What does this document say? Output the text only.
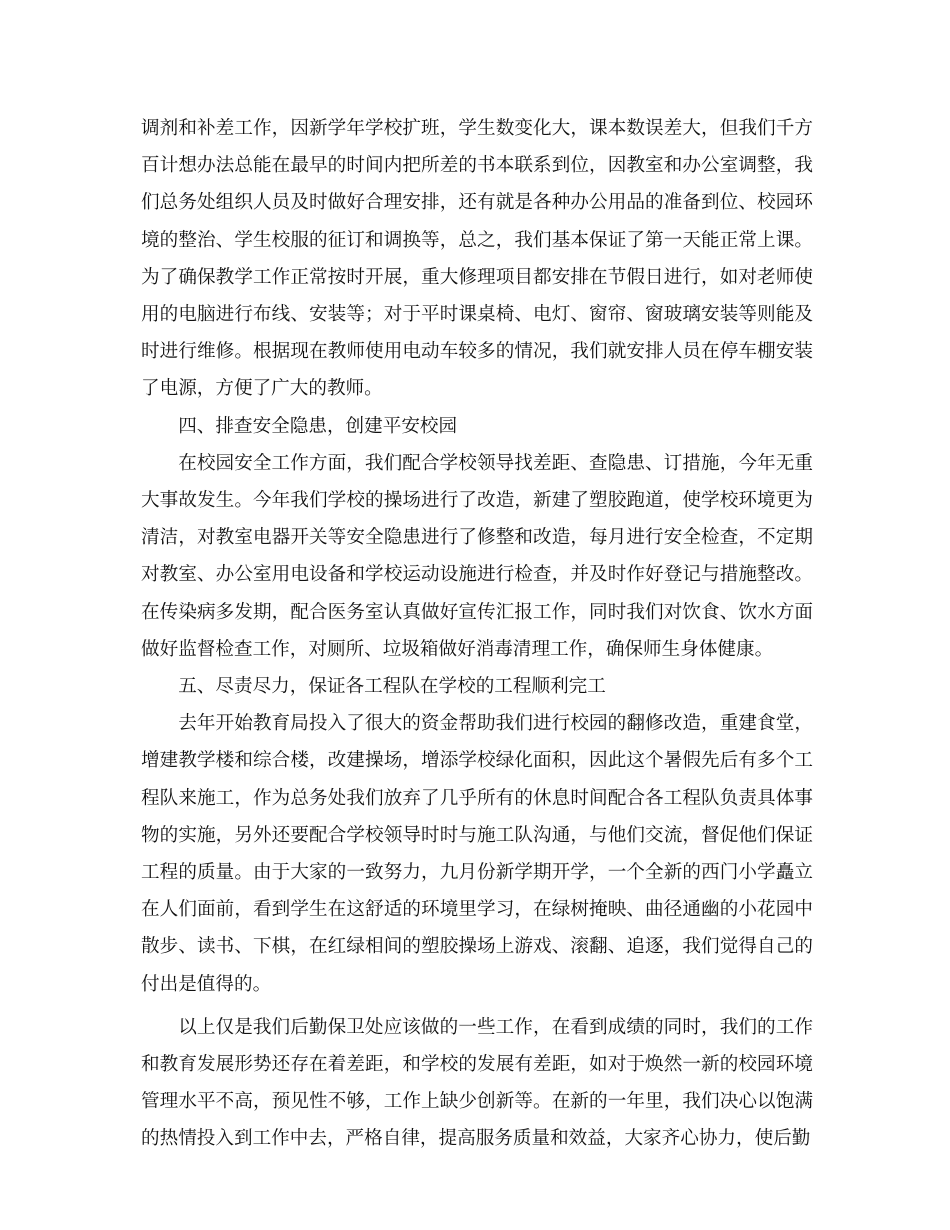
调剂和补差工作，因新学年学校扩班，学生数变化大，课本数误差大，但我们千方百计想办法总能在最早的时间内把所差的书本联系到位，因教室和办公室调整，我们总务处组织人员及时做好合理安排，还有就是各种办公用品的准备到位、校园环境的整治、学生校服的征订和调换等，总之，我们基本保证了第一天能正常上课。为了确保教学工作正常按时开展，重大修理项目都安排在节假日进行，如对老师使用的电脑进行布线、安装等；对于平时课桌椅、电灯、窗帘、窗玻璃安装等则能及时进行维修。根据现在教师使用电动车较多的情况，我们就安排人员在停车棚安装了电源，方便了广大的教师。

四、排查安全隐患，创建平安校园

在校园安全工作方面，我们配合学校领导找差距、查隐患、订措施，今年无重大事故发生。今年我们学校的操场进行了改造，新建了塑胶跑道，使学校环境更为清洁，对教室电器开关等安全隐患进行了修整和改造，每月进行安全检查，不定期对教室、办公室用电设备和学校运动设施进行检查，并及时作好登记与措施整改。在传染病多发期，配合医务室认真做好宣传汇报工作，同时我们对饮食、饮水方面做好监督检查工作，对厕所、垃圾箱做好消毒清理工作，确保师生身体健康。

五、尽责尽力，保证各工程队在学校的工程顺利完工

去年开始教育局投入了很大的资金帮助我们进行校园的翻修改造，重建食堂，增建教学楼和综合楼，改建操场，增添学校绿化面积，因此这个暑假先后有多个工程队来施工，作为总务处我们放弃了几乎所有的休息时间配合各工程队负责具体事物的实施，另外还要配合学校领导时时与施工队沟通，与他们交流，督促他们保证工程的质量。由于大家的一致努力，九月份新学期开学，一个全新的西门小学矗立在人们面前，看到学生在这舒适的环境里学习，在绿树掩映、曲径通幽的小花园中散步、读书、下棋，在红绿相间的塑胶操场上游戏、滚翻、追逐，我们觉得自己的付出是值得的。

以上仅是我们后勤保卫处应该做的一些工作，在看到成绩的同时，我们的工作和教育发展形势还存在着差距，和学校的发展有差距，如对于焕然一新的校园环境管理水平不高，预见性不够，工作上缺少创新等。在新的一年里，我们决心以饱满的热情投入到工作中去，严格自律，提高服务质量和效益，大家齐心协力，使后勤
